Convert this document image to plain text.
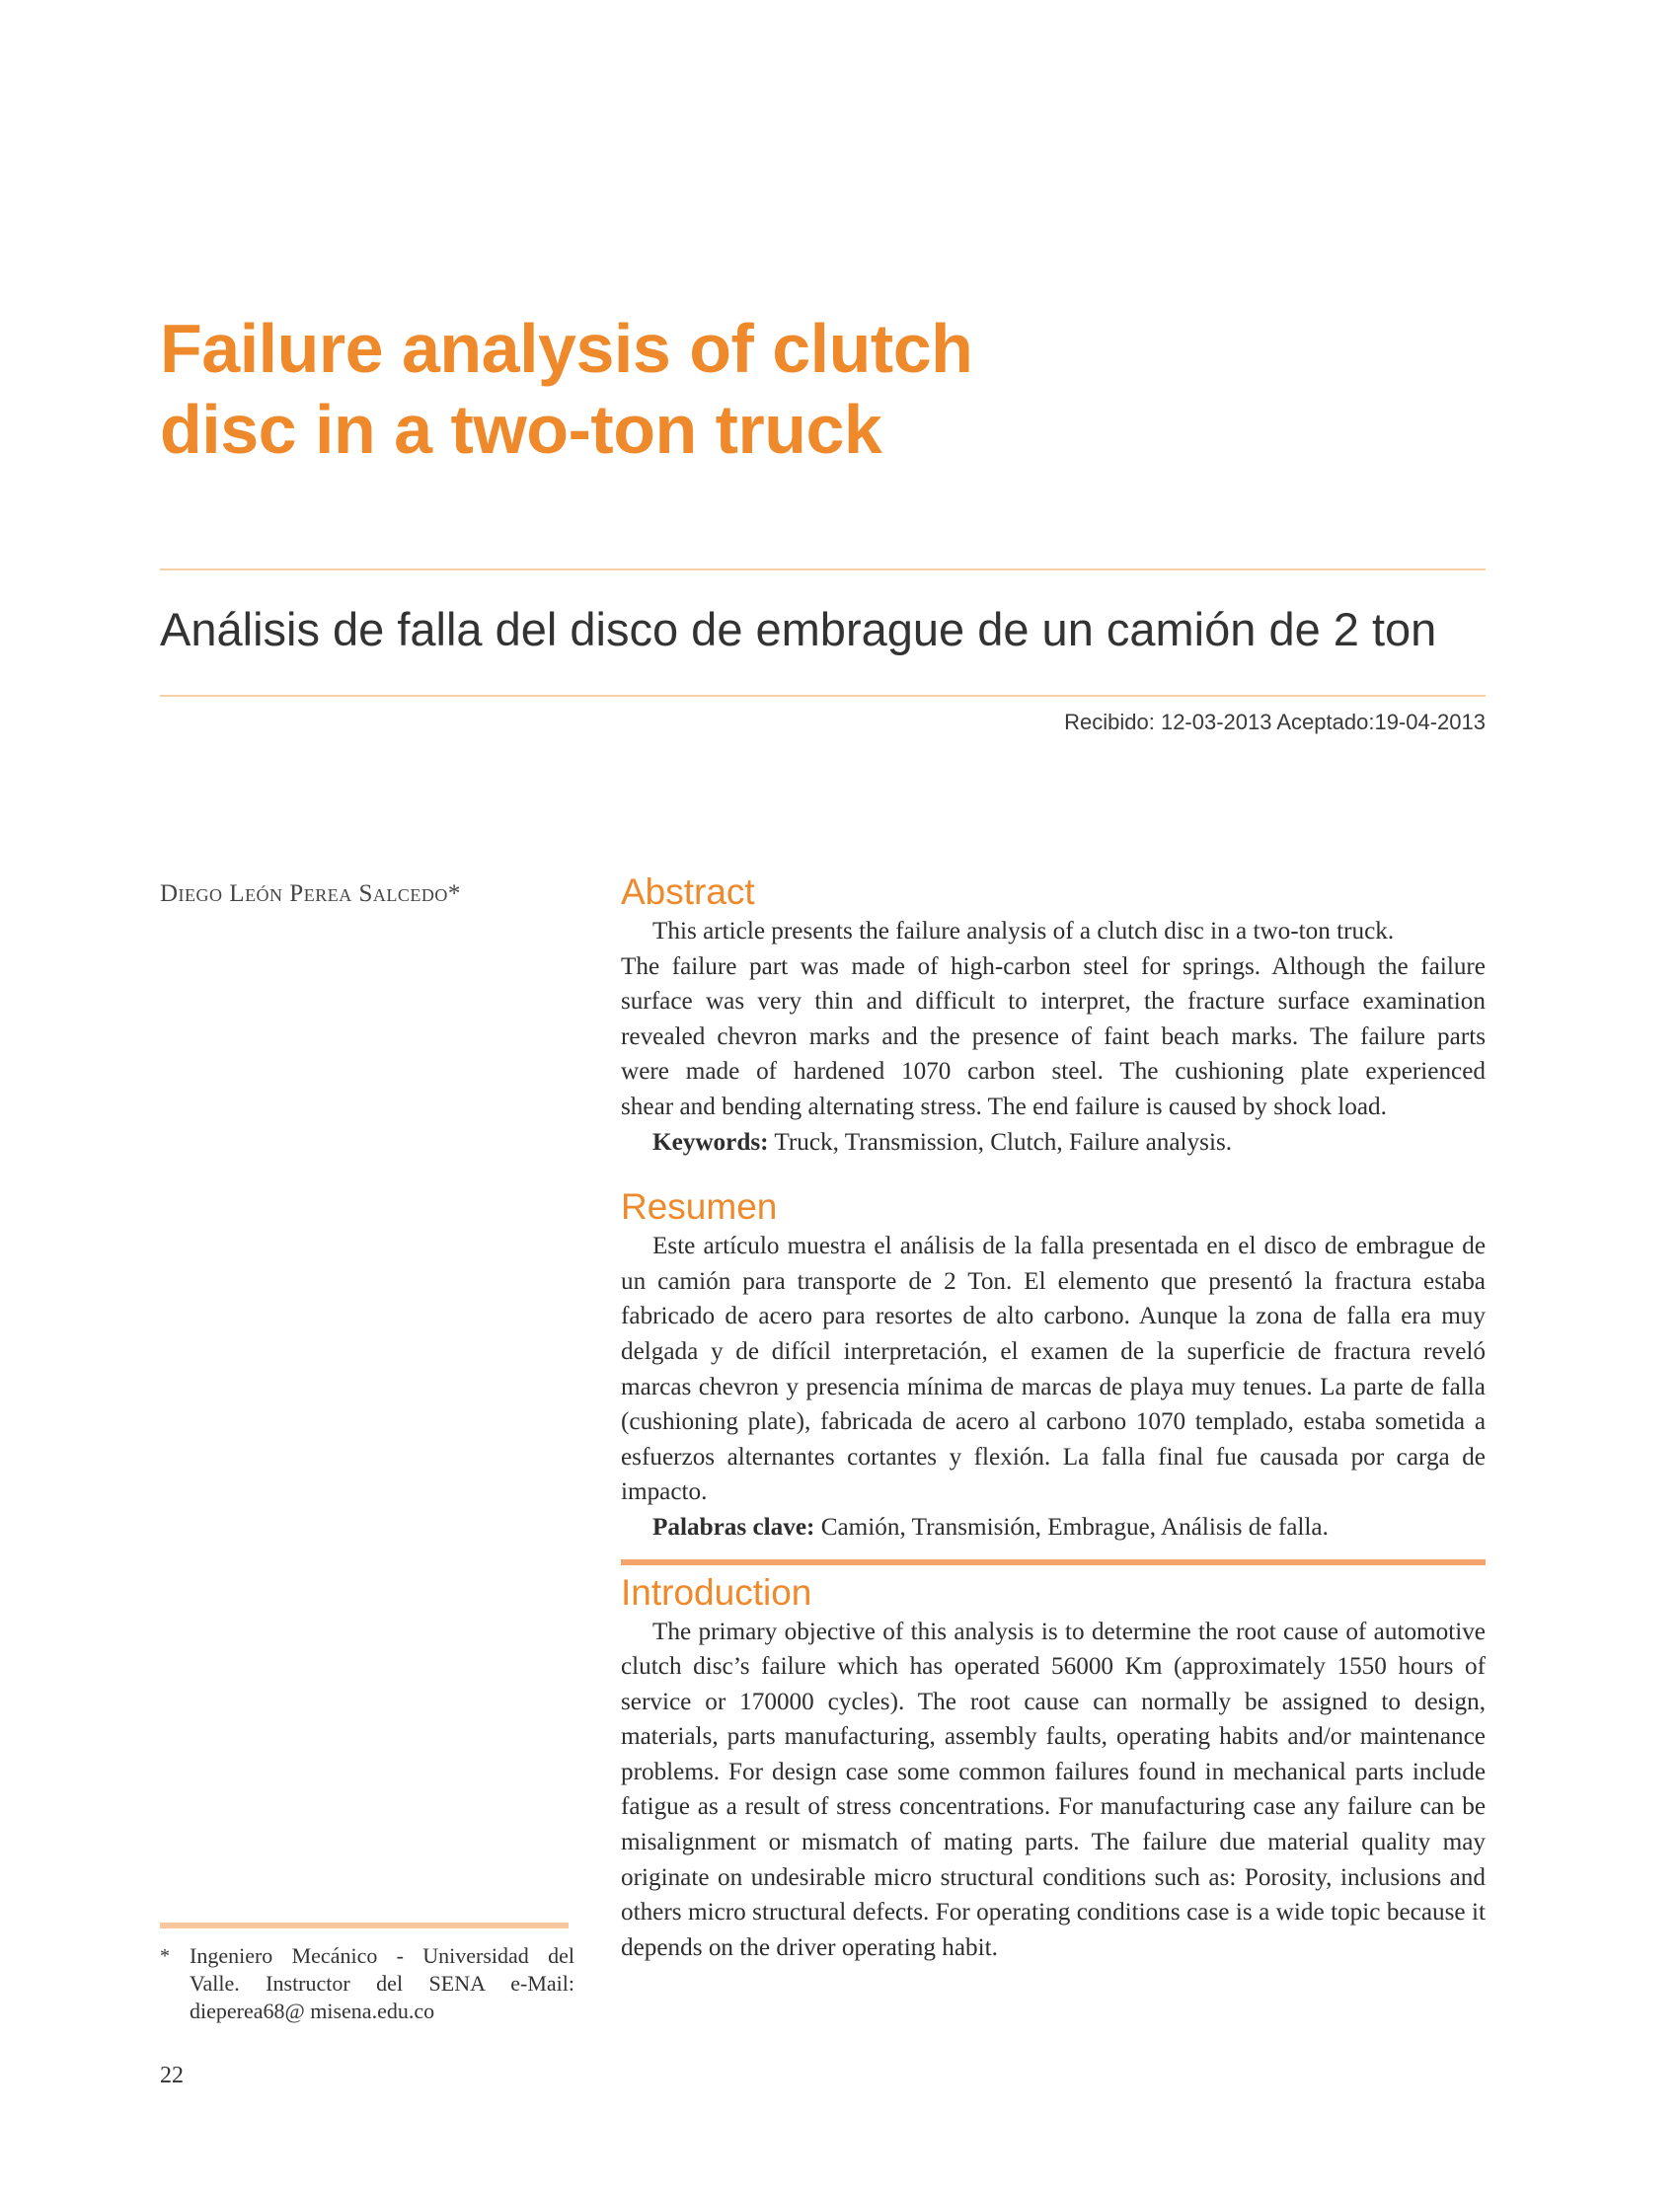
Failure analysis of clutch
disc in a two-ton truck
Análisis de falla del disco de embrague de un camión de 2 ton
Recibido: 12-03-2013 Aceptado:19-04-2013
Diego León Perea Salcedo*	Abstract
This article presents the failure analysis of a clutch disc in a two-ton truck.
The failure part was made of high-carbon steel for springs. Although the failure
surface was very thin and difficult to interpret, the fracture surface examination
revealed chevron marks and the presence of faint beach marks. The failure parts
were made of hardened 1070 carbon steel. The cushioning plate experienced
shear and bending alternating stress. The end failure is caused by shock load.

Keywords: Truck, Transmission, Clutch, Failure analysis.

Resumen

Este artículo muestra el análisis de la falla presentada en el disco de embrague de un camión para transporte de 2 Ton. El elemento que presentó la fractura estaba fabricado de acero para resortes de alto carbono. Aunque la zona de falla era muy delgada y de difícil interpretación, el examen de la superficie de fractura reveló marcas chevron y presencia mínima de marcas de playa muy tenues. La parte de falla (cushioning plate), fabricada de acero al carbono 1070 templado, estaba sometida a esfuerzos alternantes cortantes y flexión. La falla final fue causada por carga de impacto.

Palabras clave: Camión, Transmisión, Embrague, Análisis de falla.

Introduction

The primary objective of this analysis is to determine the root cause of automotive clutch disc’s failure which has operated 56000 Km (approximately 1550 hours of service or 170000 cycles). The root cause can normally be assigned to design, materials, parts manufacturing, assembly faults, operating habits and/or maintenance problems. For design case some common failures found in mechanical parts include fatigue as a result of stress concentrations. For manufacturing case any failure can be misalignment or mismatch of mating parts. The failure due material quality may originate on undesirable micro structural conditions such as: Porosity, inclusions and others micro structural defects. For operating conditions case is a wide topic because it depends on the driver operating habit.

* Ingeniero Mecánico - Universidad del Valle. Instructor del SENA e-Mail: dieperea68@ misena.edu.co
22
